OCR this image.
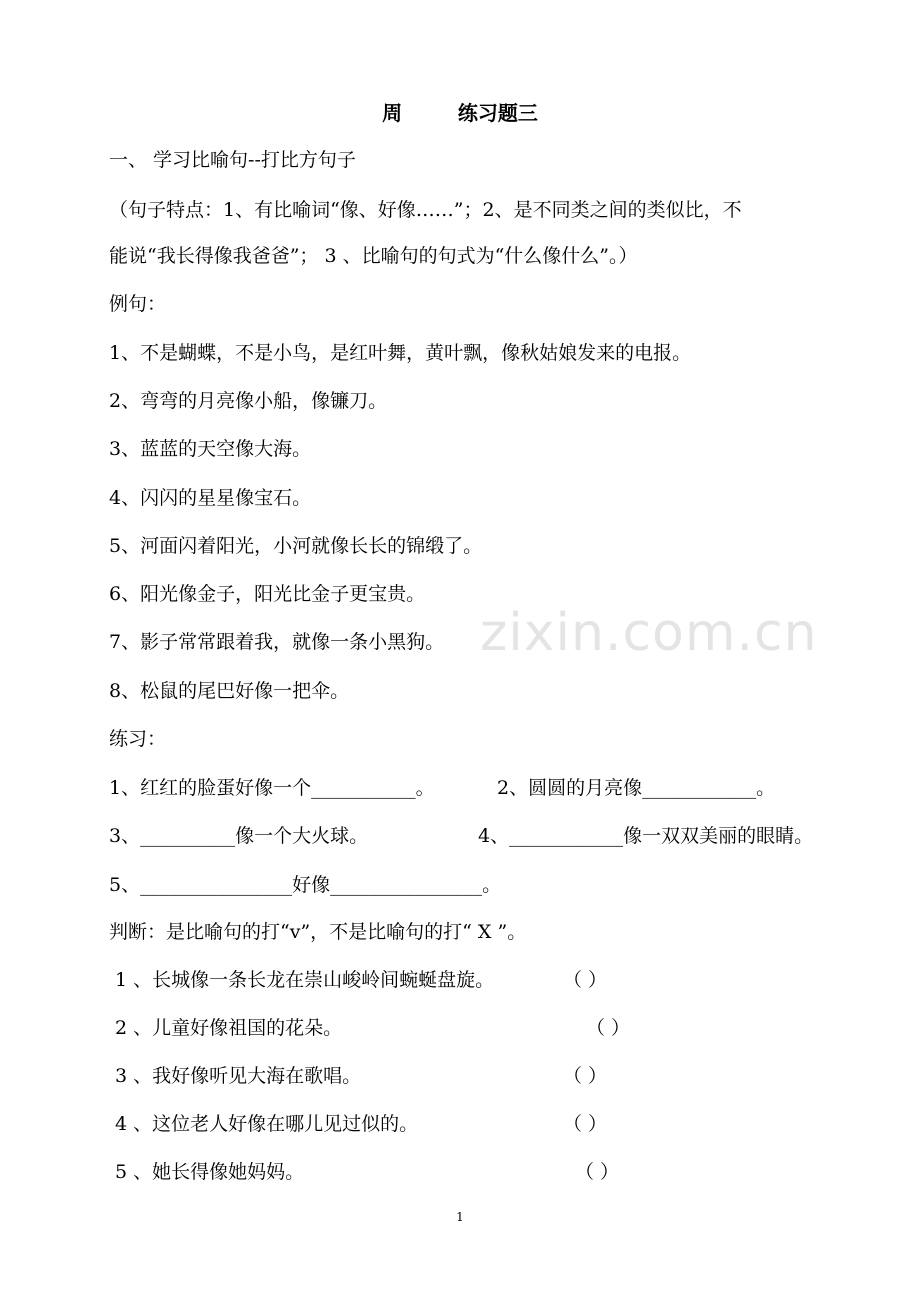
zixin.com.cn
周        练习题三
一、 学习比喻句--打比方句子
（句子特点：1、有比喻词“像、好像……”；2、是不同类之间的类似比，不
能说“我长得像我爸爸”； 3 、比喻句的句式为“什么像什么”。）
例句：
1、不是蝴蝶，不是小鸟，是红叶舞，黄叶飘，像秋姑娘发来的电报。
2、弯弯的月亮像小船，像镰刀。
3、蓝蓝的天空像大海。
4、闪闪的星星像宝石。
5、河面闪着阳光，小河就像长长的锦缎了。
6、阳光像金子，阳光比金子更宝贵。
7、影子常常跟着我，就像一条小黑狗。
8、松鼠的尾巴好像一把伞。
练习：
1、红红的脸蛋好像一个___________。	2、圆圆的月亮像____________。
3、__________像一个大火球。	4、____________像一双双美丽的眼睛。
5、________________好像________________。
判断：是比喻句的打“v”，不是比喻句的打“ X ”。
1 、长城像一条长龙在崇山峻岭间蜿蜒盘旋。	（ ）
2 、儿童好像祖国的花朵。	（ ）
3 、我好像听见大海在歌唱。	（ ）
4 、这位老人好像在哪儿见过似的。	（ ）
5 、她长得像她妈妈。	（ ）
1
